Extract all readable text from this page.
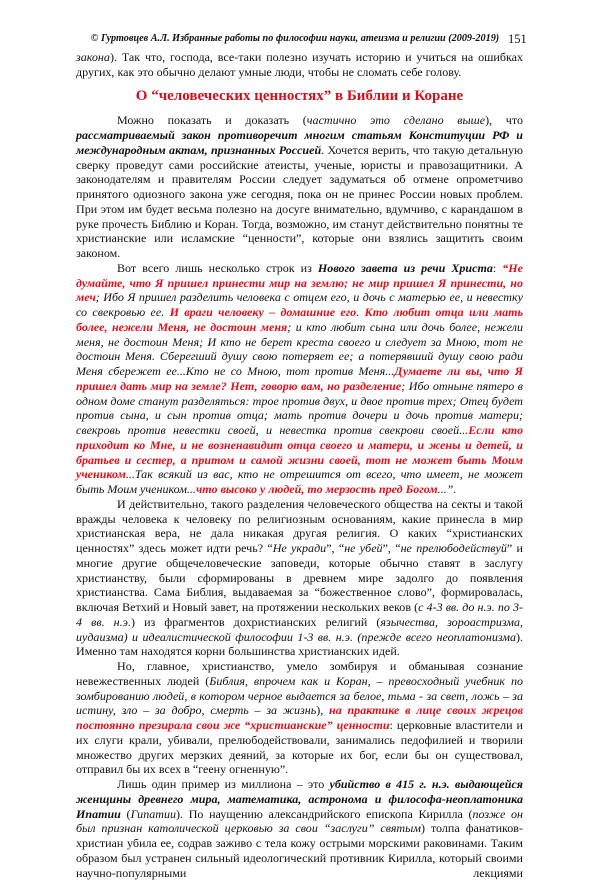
© Гуртовцев А.Л. Избранные работы по философии науки, атеизма и религии (2009-2019) 151

закона). Так что, господа, все-таки полезно изучать историю и учиться на ошибках других, как это обычно делают умные люди, чтобы не сломать себе голову.

О “человеческих ценностях” в Библии и Коране

Можно показать и доказать (частично это сделано выше), что рассматриваемый закон противоречит многим статьям Конституции РФ и международным актам, признанных Россией. Хочется верить, что такую детальную сверку проведут сами российские атеисты, ученые, юристы и правозащитники. А законодателям и правителям России следует задуматься об отмене опрометчиво принятого одиозного закона уже сегодня, пока он не принес России новых проблем. При этом им будет весьма полезно на досуге внимательно, вдумчиво, с карандашом в руке прочесть Библию и Коран. Тогда, возможно, им станут действительно понятны те христианские или исламские “ценности”, которые они взялись защитить своим законом.

Вот всего лишь несколько строк из Нового завета из речи Христа: “Не думайте, что Я пришел принести мир на землю; не мир пришел Я принести, но меч; Ибо Я пришел разделить человека с отцем его, и дочь с матерью ее, и невестку со свекровью ее. И враги человеку – домашние его. Кто любит отца или мать более, нежели Меня, не достоин меня; и кто любит сына или дочь более, нежели меня, не достоин Меня; И кто не берет креста своего и следует за Мною, тот не достоин Меня. Сберегший душу свою потеряет ее; а потерявший душу свою ради Меня сбережет ее...Кто не со Мною, тот против Меня...Думаете ли вы, что Я пришел дать мир на земле? Нет, говорю вам, но разделение; Ибо отныне пятеро в одном доме станут разделяться: трое против двух, и двое против трех; Отец будет против сына, и сын против отца; мать против дочери и дочь против матери; свекровь против невестки своей, и невестка против свекрови своей...Если кто приходит ко Мне, и не возненавидит отца своего и матери, и жены и детей, и братьев и сестер, а притом и самой жизни своей, тот не может быть Моим учеником...Так всякий из вас, кто не отрешится от всего, что имеет, не может быть Моим учеником...что высоко у людей, то мерзость пред Богом...”.

И действительно, такого разделения человеческого общества на секты и такой вражды человека к человеку по религиозным основаниям, какие принесла в мир христианская вера, не дала никакая другая религия. О каких “христианских ценностях” здесь может идти речь? “Не укради”, “не убей”, “не прелюбодействуй” и многие другие общечеловеческие заповеди, которые обычно ставят в заслугу христианству, были сформированы в древнем мире задолго до появления христианства. Сама Библия, выдаваемая за “божественное слово”, формировалась, включая Ветхий и Новый завет, на протяжении нескольких веков (с 4-3 вв. до н.э. по 3-4 вв. н.э.) из фрагментов дохристианских религий (язычества, зороастризма, иудаизма) и идеалистической философии 1-3 вв. н.э. (прежде всего неоплатонизма). Именно там находятся корни большинства христианских идей.

Но, главное, христианство, умело зомбируя и обманывая сознание невежественных людей (Библия, впрочем как и Коран, – превосходный учебник по зомбированию людей, в котором черное выдается за белое, тьма - за свет, ложь – за истину, зло – за добро, смерть – за жизнь), на практике в лице своих жрецов постоянно презирала свои же “христианские” ценности: церковные властители и их слуги крали, убивали, прелюбодействовали, занимались педофилией и творили множество других мерзких деяний, за которые их бог, если бы он существовал, отправил бы их всех в “геену огненную”.

Лишь один пример из миллиона – это убийство в 415 г. н.э. выдающейся женщины древнего мира, математика, астронома и философа-неоплатоника Ипатии (Гипатии). По наущению александрийского епископа Кирилла (позже он был признан католической церковью за свои “заслуги” святым) толпа фанатиков-христиан убила ее, содрав заживо с тела кожу острыми морскими раковинами. Таким образом был устранен сильный идеологический противник Кирилла, который своими научно-популярными лекциями
